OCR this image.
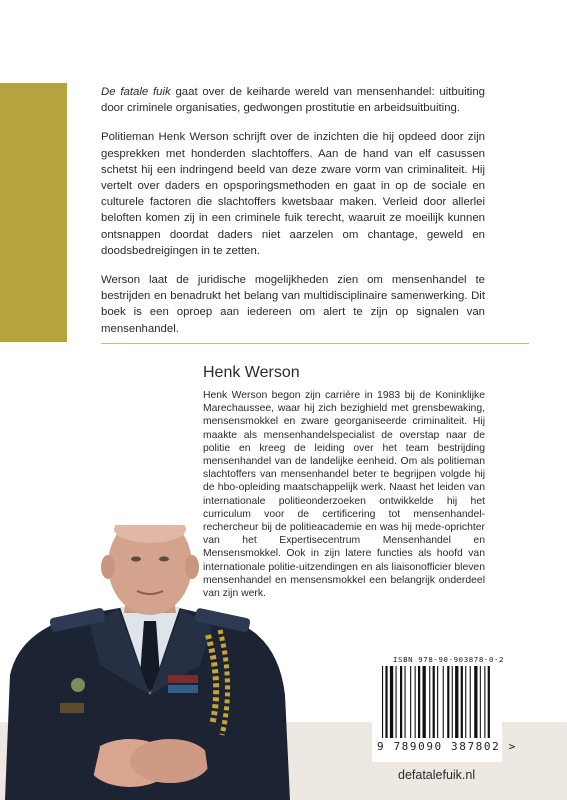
De fatale fuik gaat over de keiharde wereld van mensenhandel: uitbuiting door criminele organisaties, gedwongen prostitutie en arbeidsuitbuiting.

Politieman Henk Werson schrijft over de inzichten die hij opdeed door zijn gesprekken met honderden slachtoffers. Aan de hand van elf casussen schetst hij een indringend beeld van deze zware vorm van criminaliteit. Hij vertelt over daders en opsporingsmethoden en gaat in op de sociale en culturele factoren die slachtoffers kwetsbaar maken. Verleid door allerlei beloften komen zij in een criminele fuik terecht, waaruit ze moeilijk kunnen ontsnappen doordat daders niet aarzelen om chantage, geweld en doodsbedreigingen in te zetten.

Werson laat de juridische mogelijkheden zien om mensenhandel te bestrijden en benadrukt het belang van multidisciplinaire samenwerking. Dit boek is een oproep aan iedereen om alert te zijn op signalen van mensenhandel.

Henk Werson
Henk Werson begon zijn carrière in 1983 bij de Koninklijke Marechaussee, waar hij zich bezighield met grensbewaking, mensensmokkel en zware georganiseerde criminaliteit. Hij maakte als mensenhandelspecialist de overstap naar de politie en kreeg de leiding over het team bestrijding mensenhandel van de landelijke eenheid. Om als politieman slachtoffers van mensenhandel beter te begrijpen volgde hij de hbo-opleiding maatschappelijk werk. Naast het leiden van internationale politieonderzoeken ontwikkelde hij het curriculum voor de certificering tot mensenhandel-rechercheur bij de politieacademie en was hij mede-oprichter van het Expertisecentrum Mensenhandel en Mensensmokkel. Ook in zijn latere functies als hoofd van internationale politie-uitzendingen en als liaisonofficier bleven mensenhandel en mensensmokkel een belangrijk onderdeel van zijn werk.
ISBN 978-90-903878-0-2
9 789090 387802 >
defatalefuik.nl
